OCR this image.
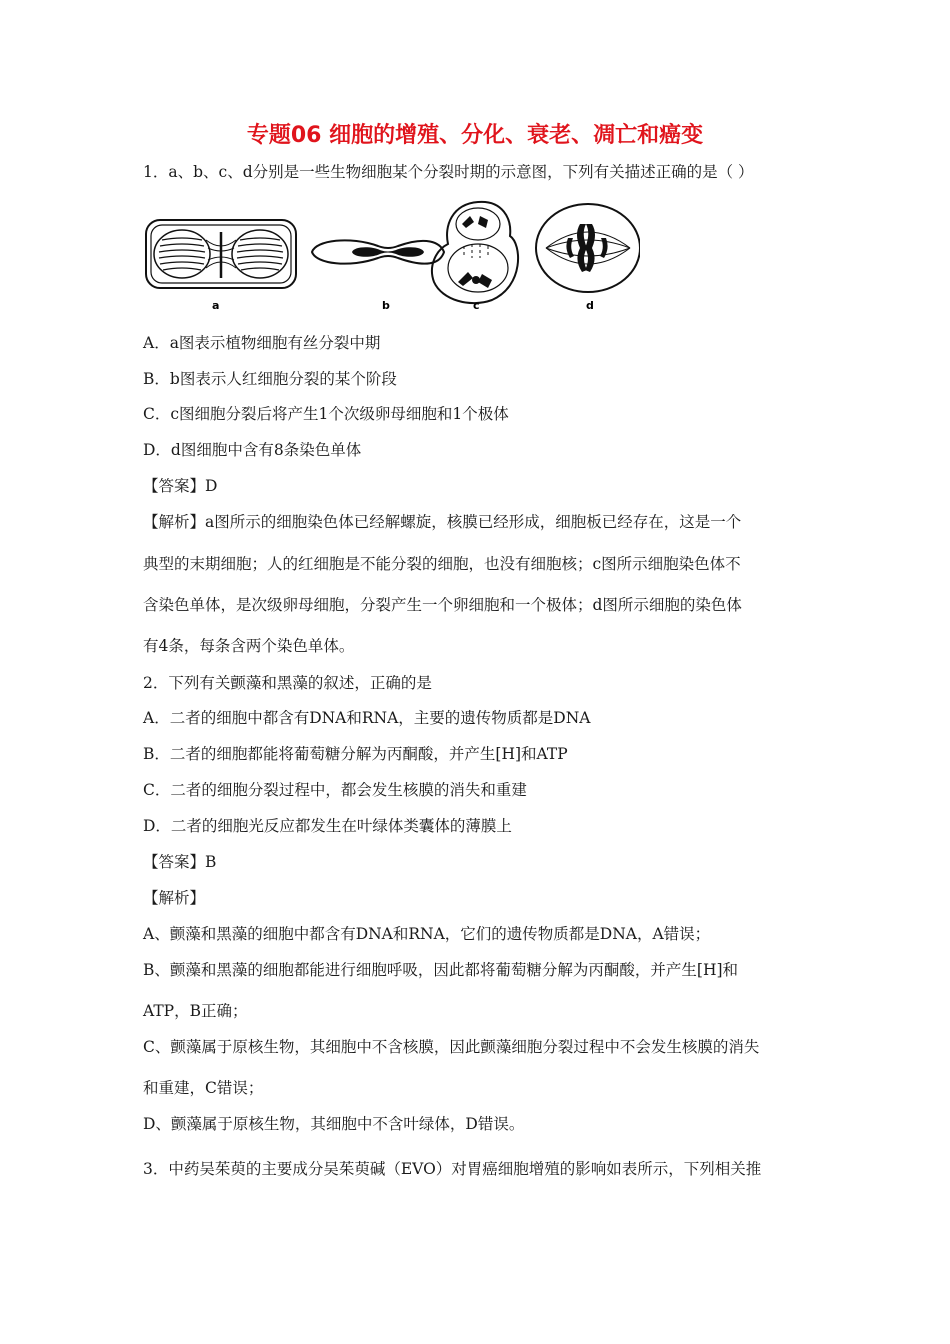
专题06 细胞的增殖、分化、衰老、凋亡和癌变
1．a、b、c、d分别是一些生物细胞某个分裂时期的示意图，下列有关描述正确的是（ ）
a	b	c	d
A．a图表示植物细胞有丝分裂中期
B．b图表示人红细胞分裂的某个阶段
C．c图细胞分裂后将产生1个次级卵母细胞和1个极体
D．d图细胞中含有8条染色单体
【答案】D
【解析】a图所示的细胞染色体已经解螺旋，核膜已经形成，细胞板已经存在，这是一个
典型的末期细胞；人的红细胞是不能分裂的细胞，也没有细胞核；c图所示细胞染色体不
含染色单体，是次级卵母细胞，分裂产生一个卵细胞和一个极体；d图所示细胞的染色体
有4条，每条含两个染色单体。
2．下列有关颤藻和黑藻的叙述，正确的是
A．二者的细胞中都含有DNA和RNA，主要的遗传物质都是DNA
B．二者的细胞都能将葡萄糖分解为丙酮酸，并产生[H]和ATP
C．二者的细胞分裂过程中，都会发生核膜的消失和重建
D．二者的细胞光反应都发生在叶绿体类囊体的薄膜上
【答案】B
【解析】
A、颤藻和黑藻的细胞中都含有DNA和RNA，它们的遗传物质都是DNA，A错误；
B、颤藻和黑藻的细胞都能进行细胞呼吸，因此都将葡萄糖分解为丙酮酸，并产生[H]和
ATP，B正确；
C、颤藻属于原核生物，其细胞中不含核膜，因此颤藻细胞分裂过程中不会发生核膜的消失
和重建，C错误；
D、颤藻属于原核生物，其细胞中不含叶绿体，D错误。
3．中药吴茱萸的主要成分吴茱萸碱（EVO）对胃癌细胞增殖的影响如表所示，下列相关推
